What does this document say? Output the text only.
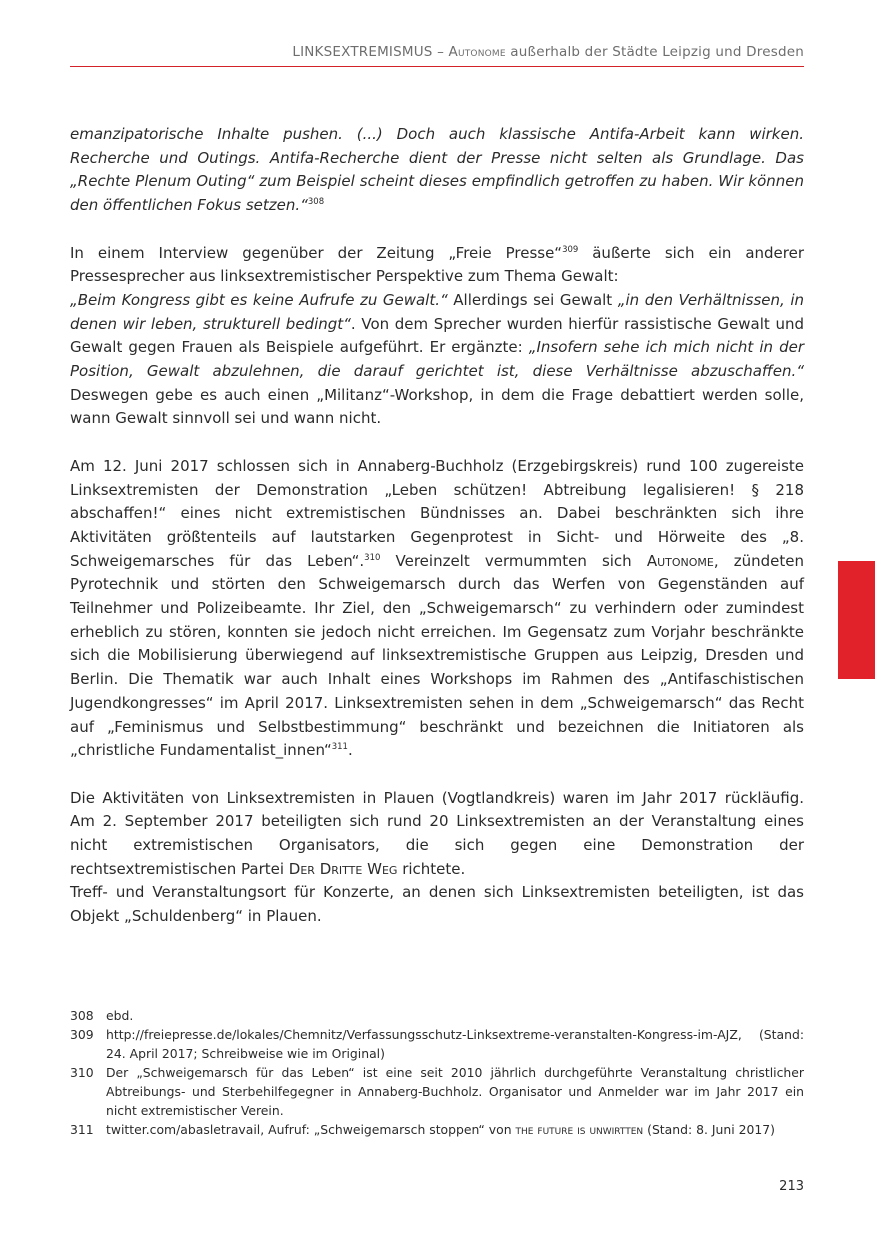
LINKSEXTREMISMUS – Autonome außerhalb der Städte Leipzig und Dresden

emanzipatorische Inhalte pushen. (...) Doch auch klassische Antifa-Arbeit kann wirken. Recherche und Outings. Antifa-Recherche dient der Presse nicht selten als Grundlage. Das „Rechte Plenum Outing“ zum Beispiel scheint dieses empfindlich getroffen zu haben. Wir können den öffentlichen Fokus setzen.“$^{308}$

In einem Interview gegenüber der Zeitung „Freie Presse“$^{309}$ äußerte sich ein anderer Pressesprecher aus linksextremistischer Perspektive zum Thema Gewalt:

„Beim Kongress gibt es keine Aufrufe zu Gewalt.“ Allerdings sei Gewalt „in den Verhältnissen, in denen wir leben, strukturell bedingt“. Von dem Sprecher wurden hierfür rassistische Gewalt und Gewalt gegen Frauen als Beispiele aufgeführt. Er ergänzte: „Insofern sehe ich mich nicht in der Position, Gewalt abzulehnen, die darauf gerichtet ist, diese Verhältnisse abzuschaffen.“ Deswegen gebe es auch einen „Militanz“-Workshop, in dem die Frage debattiert werden solle, wann Gewalt sinnvoll sei und wann nicht.

Am 12. Juni 2017 schlossen sich in Annaberg-Buchholz (Erzgebirgskreis) rund 100 zugereiste Linksextremisten der Demonstration „Leben schützen! Abtreibung legalisieren! § 218 abschaffen!“ eines nicht extremistischen Bündnisses an. Dabei beschränkten sich ihre Aktivitäten größtenteils auf lautstarken Gegenprotest in Sicht- und Hörweite des „8. Schweigemarsches für das Leben“.$^{310}$ Vereinzelt vermummten sich Autonome, zündeten Pyrotechnik und störten den Schweigemarsch durch das Werfen von Gegenständen auf Teilnehmer und Polizeibeamte. Ihr Ziel, den „Schweigemarsch“ zu verhindern oder zumindest erheblich zu stören, konnten sie jedoch nicht erreichen. Im Gegensatz zum Vorjahr beschränkte sich die Mobilisierung überwiegend auf linksextremistische Gruppen aus Leipzig, Dresden und Berlin. Die Thematik war auch Inhalt eines Workshops im Rahmen des „Antifaschistischen Jugendkongresses“ im April 2017. Linksextremisten sehen in dem „Schweigemarsch“ das Recht auf „Feminismus und Selbstbestimmung“ beschränkt und bezeichnen die Initiatoren als „christliche Fundamentalist_innen“$^{311}$.

Die Aktivitäten von Linksextremisten in Plauen (Vogtlandkreis) waren im Jahr 2017 rückläufig. Am 2. September 2017 beteiligten sich rund 20 Linksextremisten an der Veranstaltung eines nicht extremistischen Organisators, die sich gegen eine Demonstration der rechtsextremistischen Partei Der Dritte Weg richtete.

Treff- und Veranstaltungsort für Konzerte, an denen sich Linksextremisten beteiligten, ist das Objekt „Schuldenberg“ in Plauen.

308 ebd.
309 http://freiepresse.de/lokales/Chemnitz/Verfassungsschutz-Linksextreme-veranstalten-Kongress-im-AJZ, (Stand: 24. April 2017; Schreibweise wie im Original)
310 Der „Schweigemarsch für das Leben“ ist eine seit 2010 jährlich durchgeführte Veranstaltung christlicher Abtreibungs- und Sterbehilfegegner in Annaberg-Buchholz. Organisator und Anmelder war im Jahr 2017 ein nicht extremistischer Verein.
311 twitter.com/abasletravail, Aufruf: „Schweigemarsch stoppen“ von the future is unwirtten (Stand: 8. Juni 2017)
213
